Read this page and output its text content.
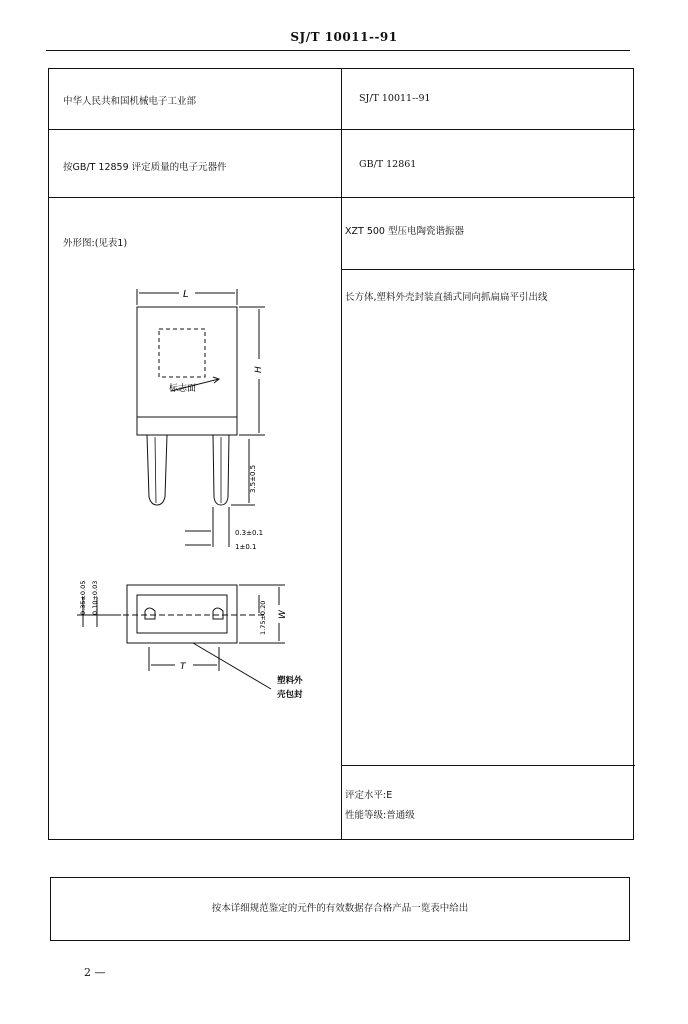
SJ/T 10011--91
中华人民共和国机械电子工业部	SJ/T 10011--91
按GB/T 12859 评定质量的电子元器件	GB/T 12861
外形图:(见表1)
XZT 500 型压电陶瓷谐振器
长方体,塑料外壳封装直插式同向抓扁扁平引出线
评定水平:E
性能等级:普通级
L
H
标志面
3.5±0.5
0.3±0.1
1±0.1
0.35±0.05 0.10±0.03
1.75±0.20 W
T
塑料外
壳包封
按本详细规范鉴定的元件的有效数据存合格产品一览表中给出
2 —
